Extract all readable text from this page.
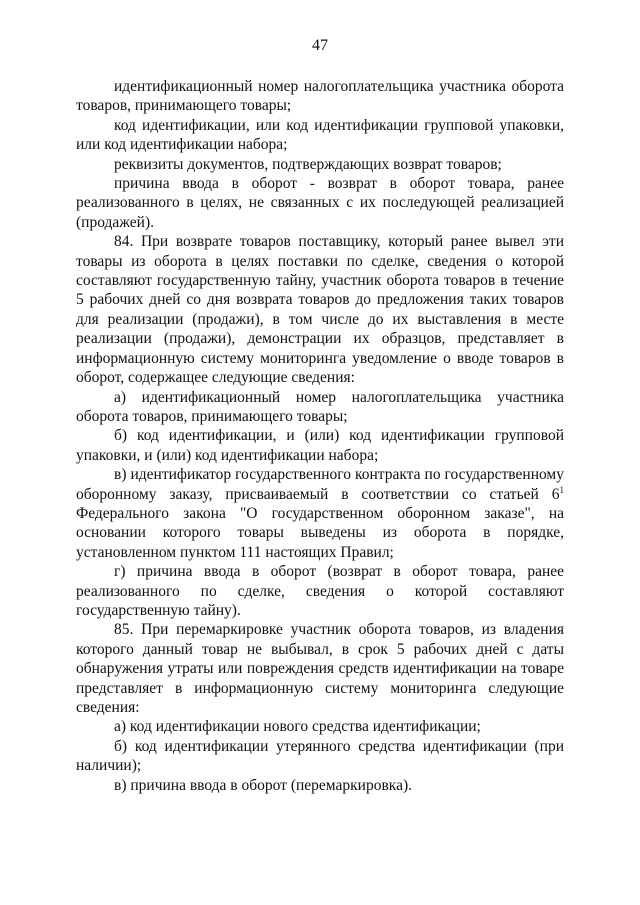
47

идентификационный номер налогоплательщика участника оборота товаров, принимающего товары;

код идентификации, или код идентификации групповой упаковки, или код идентификации набора;

реквизиты документов, подтверждающих возврат товаров;

причина ввода в оборот - возврат в оборот товара, ранее реализованного в целях, не связанных с их последующей реализацией (продажей).

84. При возврате товаров поставщику, который ранее вывел эти товары из оборота в целях поставки по сделке, сведения о которой составляют государственную тайну, участник оборота товаров в течение 5 рабочих дней со дня возврата товаров до предложения таких товаров для реализации (продажи), в том числе до их выставления в месте реализации (продажи), демонстрации их образцов, представляет в информационную систему мониторинга уведомление о вводе товаров в оборот, содержащее следующие сведения:

а) идентификационный номер налогоплательщика участника оборота товаров, принимающего товары;

б) код идентификации, и (или) код идентификации групповой упаковки, и (или) код идентификации набора;

в) идентификатор государственного контракта по государственному оборонному заказу, присваиваемый в соответствии со статьей $6^1$ Федерального закона "О государственном оборонном заказе", на основании которого товары выведены из оборота в порядке, установленном пунктом 111 настоящих Правил;

г) причина ввода в оборот (возврат в оборот товара, ранее реализованного по сделке, сведения о которой составляют государственную тайну).

85. При перемаркировке участник оборота товаров, из владения которого данный товар не выбывал, в срок 5 рабочих дней с даты обнаружения утраты или повреждения средств идентификации на товаре представляет в информационную систему мониторинга следующие сведения:

а) код идентификации нового средства идентификации;

б) код идентификации утерянного средства идентификации (при наличии);

в) причина ввода в оборот (перемаркировка).
